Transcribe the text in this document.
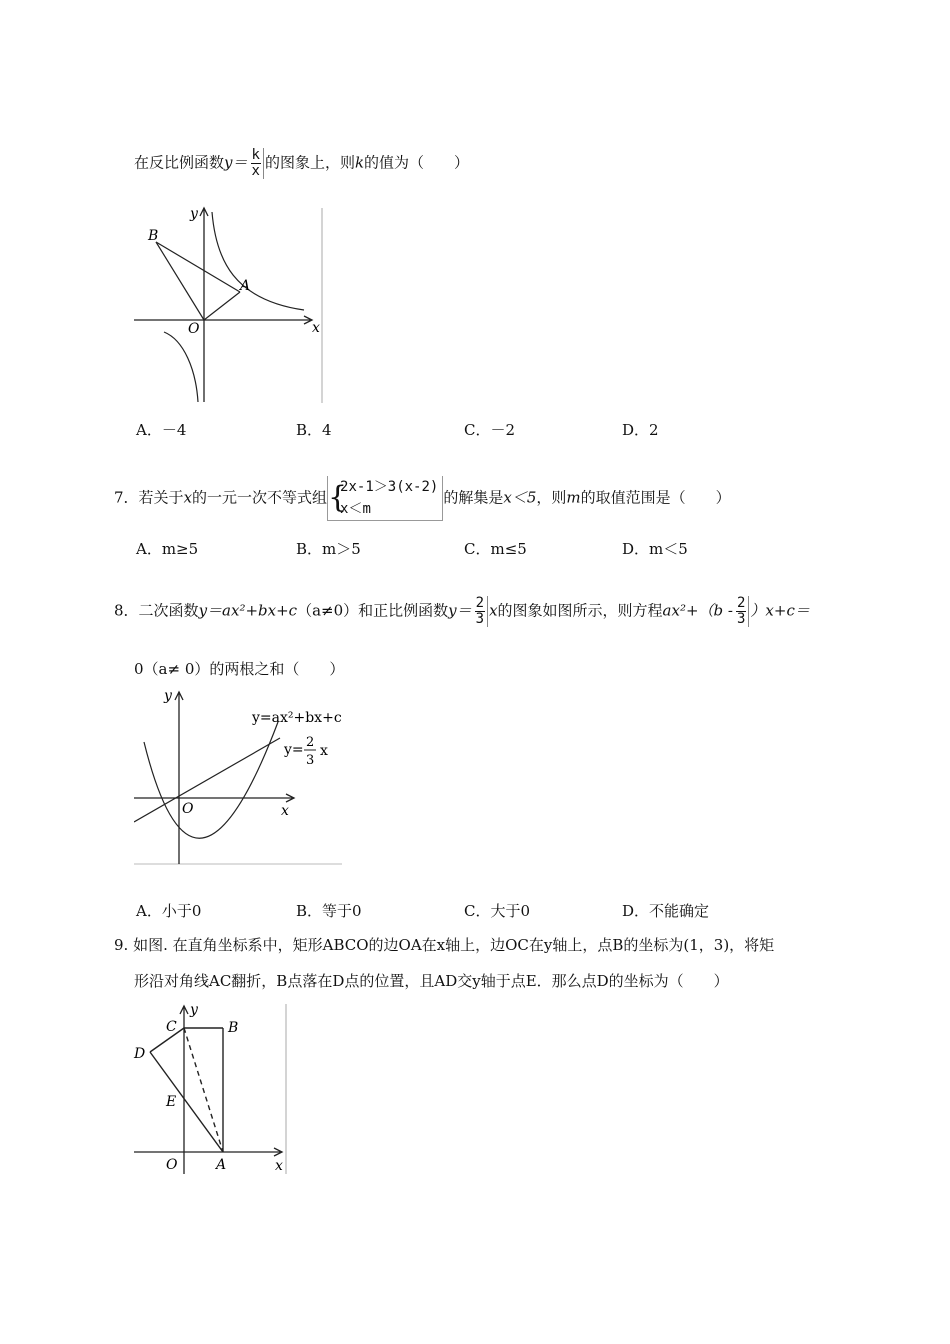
在反比例函数$y= \frac{k}{x}$ 的图象上，则k的值为（　　）
y
x
O
A
B
A．－4	B．4	C．－2	D．2
7．若关于x的一元一次不等式组 {
2x-1＞3(x-2)
x＜m
的解集是x＜5，则m的取值范围是（　　）
A．m≥5	B．m＞5	C．m≤5	D．m＜5
8．二次函数y＝ax²+bx+c（a≠0）和正比例函数$y= \frac{2}{3}$ x的图象如图所示，则方程$ax^2+(b - \frac{2}{3} )x+c=$
0（a≠ 0）的两根之和（　　）
y
x
O
y=ax²+bx+c
y= 2
3
x
A．小于0	B．等于0	C．大于0	D．不能确定
9. 如图. 在直角坐标系中，矩形ABCO的边OA在x轴上，边OC在y轴上，点B的坐标为(1，3)，将矩
形沿对角线AC翻折，B点落在D点的位置，且AD交y轴于点E．那么点D的坐标为（　　）
y
x
O	A
B
C
D
E
